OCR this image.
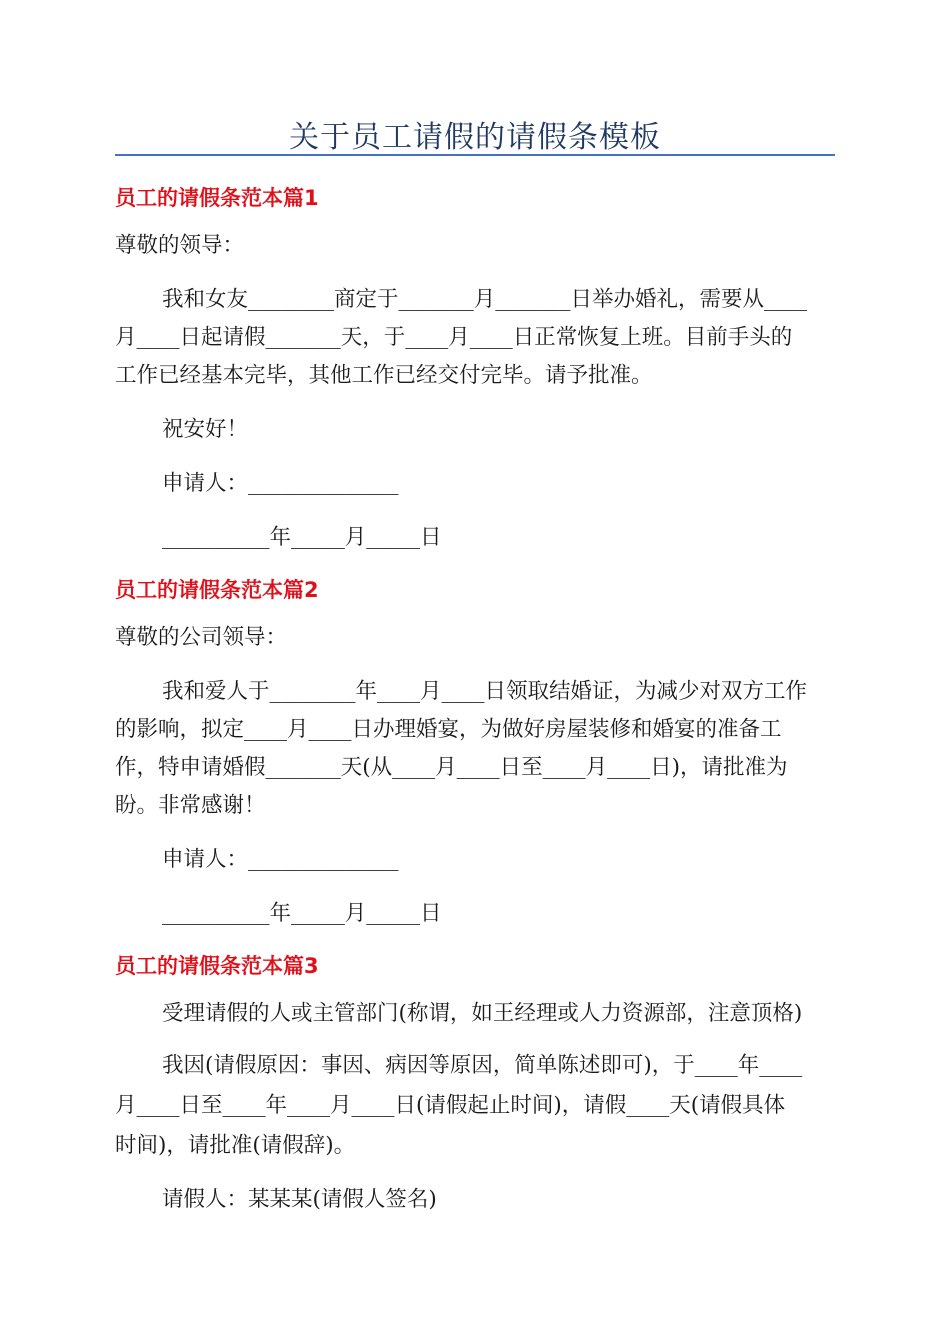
关于员工请假的请假条模板
员工的请假条范本篇1
尊敬的领导：
我和女友________商定于_______月_______日举办婚礼，需要从____
月____日起请假_______天，于____月____日正常恢复上班。目前手头的
工作已经基本完毕，其他工作已经交付完毕。请予批准。
祝安好！
申请人：______________
__________年_____月_____日
员工的请假条范本篇2
尊敬的公司领导：
我和爱人于________年____月____日领取结婚证，为减少对双方工作
的影响，拟定____月____日办理婚宴，为做好房屋装修和婚宴的准备工
作，特申请婚假_______天(从____月____日至____月____日)，请批准为
盼。非常感谢！
申请人：______________
__________年_____月_____日
员工的请假条范本篇3
受理请假的人或主管部门(称谓，如王经理或人力资源部，注意顶格)
我因(请假原因：事因、病因等原因，简单陈述即可)，于____年____
月____日至____年____月____日(请假起止时间)，请假____天(请假具体
时间)，请批准(请假辞)。
请假人：某某某(请假人签名)
